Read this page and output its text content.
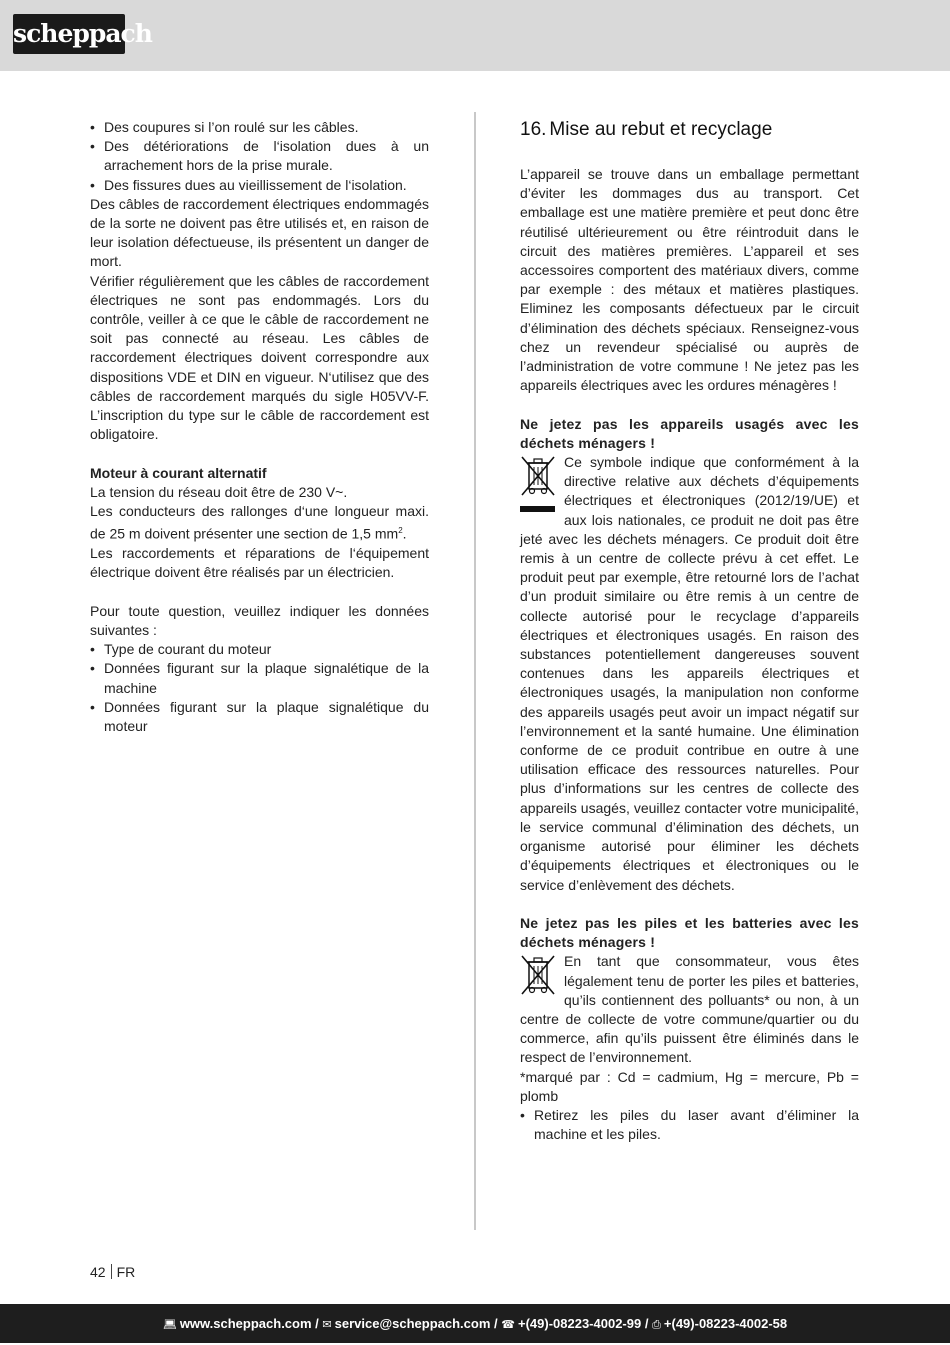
scheppach
• Des coupures si l’on roulé sur les câbles.
• Des détériorations de l‘isolation dues à un arrachement hors de la prise murale.
• Des fissures dues au vieillissement de l‘isolation.

Des câbles de raccordement électriques endommagés de la sorte ne doivent pas être utilisés et, en raison de leur isolation défectueuse, ils présentent un danger de mort.

Vérifier régulièrement que les câbles de raccordement électriques ne sont pas endommagés. Lors du contrôle, veiller à ce que le câble de raccordement ne soit pas connecté au réseau. Les câbles de raccordement électriques doivent correspondre aux dispositions VDE et DIN en vigueur. N‘utilisez que des câbles de raccordement marqués du sigle H05VV-F. L’inscription du type sur le câble de raccordement est obligatoire.

Moteur à courant alternatif

La tension du réseau doit être de 230 V~.

Les conducteurs des rallonges d‘une longueur maxi. de 25 m doivent présenter une section de 1,5 $mm^2$.

Les raccordements et réparations de l‘équipement électrique doivent être réalisés par un électricien.

Pour toute question, veuillez indiquer les données suivantes :

• Type de courant du moteur
• Données figurant sur la plaque signalétique de la machine
• Données figurant sur la plaque signalétique du moteur
16. Mise au rebut et recyclage

L’appareil se trouve dans un emballage permettant d’éviter les dommages dus au transport. Cet emballage est une matière première et peut donc être réutilisé ultérieurement ou être réintroduit dans le circuit des matières premières. L’appareil et ses accessoires comportent des matériaux divers, comme par exemple : des métaux et matières plastiques. Eliminez les composants défectueux par le circuit d’élimination des déchets spéciaux. Renseignez-vous chez un revendeur spécialisé ou auprès de l’administration de votre commune ! Ne jetez pas les appareils électriques avec les ordures ménagères !

Ne jetez pas les appareils usagés avec les déchets ménagers !

Ce symbole indique que conformément à la directive relative aux déchets d’équipements électriques et électroniques (2012/19/UE) et aux lois nationales, ce produit ne doit pas être jeté avec les déchets ménagers. Ce produit doit être remis à un centre de collecte prévu à cet effet. Le produit peut par exemple, être retourné lors de l’achat d’un produit similaire ou être remis à un centre de collecte autorisé pour le recyclage d’appareils électriques et électroniques usagés. En raison des substances potentiellement dangereuses souvent contenues dans les appareils électriques et électroniques usagés, la manipulation non conforme des appareils usagés peut avoir un impact négatif sur l’environnement et la santé humaine. Une élimination conforme de ce produit contribue en outre à une utilisation efficace des ressources naturelles. Pour plus d’informations sur les centres de collecte des appareils usagés, veuillez contacter votre municipalité, le service communal d’élimination des déchets, un organisme autorisé pour éliminer les déchets d’équipements électriques et électroniques ou le service d’enlèvement des déchets.

Ne jetez pas les piles et les batteries avec les déchets ménagers !

En tant que consommateur, vous êtes légalement tenu de porter les piles et batteries, qu’ils contiennent des polluants* ou non, à un centre de collecte de votre commune/quartier ou du commerce, afin qu’ils puissent être éliminés dans le respect de l’environnement.

*marqué par : Cd = cadmium, Hg = mercure, Pb = plomb

• Retirez les piles du laser avant d’éliminer la machine et les piles.
42 FR
💻︎ www.scheppach.com / ✉ service@scheppach.com / ☎ +(49)-08223-4002-99 / ⎙ +(49)-08223-4002-58
